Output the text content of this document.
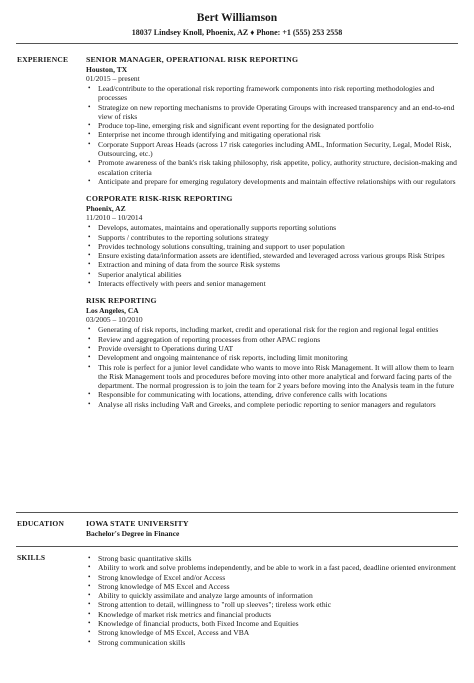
Bert Williamson
18037 Lindsey Knoll, Phoenix, AZ ♦ Phone: +1 (555) 253 2558
EXPERIENCE SENIOR MANAGER, OPERATIONAL RISK REPORTING
Houston, TX
01/2015 – present
• Lead/contribute to the operational risk reporting framework components into risk reporting methodologies and processes
• Strategize on new reporting mechanisms to provide Operating Groups with increased transparency and an end-to-end view of risks
• Produce top-line, emerging risk and significant event reporting for the designated portfolio
• Enterprise net income through identifying and mitigating operational risk
• Corporate Support Areas Heads (across 17 risk categories including AML, Information Security, Legal, Model Risk, Outsourcing, etc.)
• Promote awareness of the bank's risk taking philosophy, risk appetite, policy, authority structure, decision-making and escalation criteria
• Anticipate and prepare for emerging regulatory developments and maintain effective relationships with our regulators
CORPORATE RISK-RISK REPORTING
Phoenix, AZ
11/2010 – 10/2014
• Develops, automates, maintains and operationally supports reporting solutions
• Supports / contributes to the reporting solutions strategy
• Provides technology solutions consulting, training and support to user population
• Ensure existing data/information assets are identified, stewarded and leveraged across various groups Risk Stripes
• Extraction and mining of data from the source Risk systems
• Superior analytical abilities
• Interacts effectively with peers and senior management
RISK REPORTING
Los Angeles, CA
03/2005 – 10/2010
• Generating of risk reports, including market, credit and operational risk for the region and regional legal entities
• Review and aggregation of reporting processes from other APAC regions
• Provide oversight to Operations during UAT
• Development and ongoing maintenance of risk reports, including limit monitoring
• This role is perfect for a junior level candidate who wants to move into Risk Management. It will allow them to learn the Risk Management tools and procedures before moving into other more analytical and forward facing parts of the department. The normal progression is to join the team for 2 years before moving into the Analysis team in the future
• Responsible for communicating with locations, attending, drive conference calls with locations
• Analyse all risks including VaR and Greeks, and complete periodic reporting to senior managers and regulators
EDUCATION	IOWA STATE UNIVERSITY
Bachelor's Degree in Finance
SKILLS	• Strong basic quantitative skills
• Ability to work and solve problems independently, and be able to work in a fast paced, deadline oriented environment
• Strong knowledge of Excel and/or Access
• Strong knowledge of MS Excel and Access
• Ability to quickly assimilate and analyze large amounts of information
• Strong attention to detail, willingness to "roll up sleeves"; tireless work ethic
• Knowledge of market risk metrics and financial products
• Knowledge of financial products, both Fixed Income and Equities
• Strong knowledge of MS Excel, Access and VBA
• Strong communication skills
